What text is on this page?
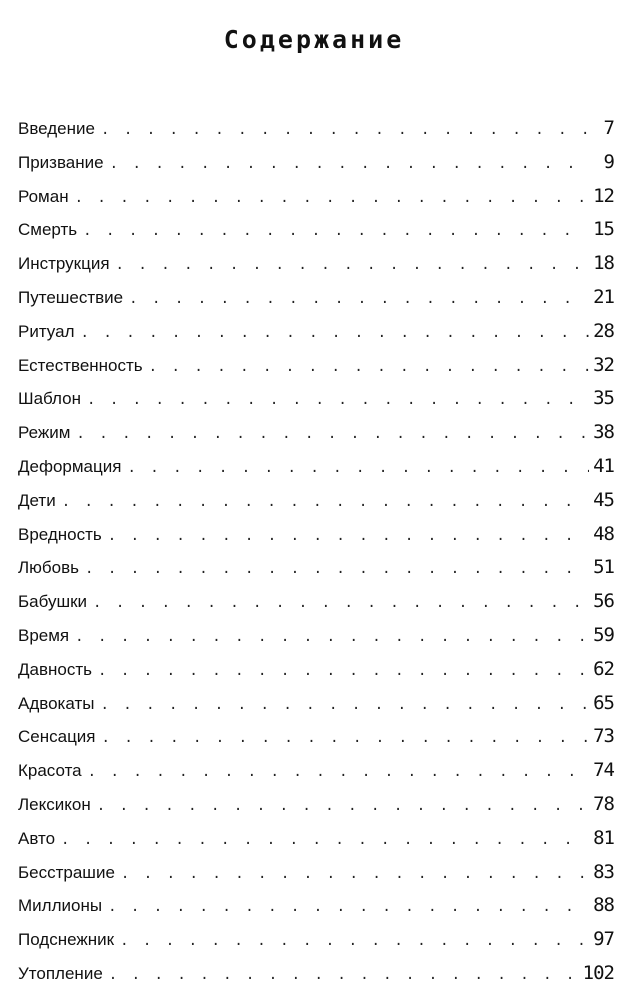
Содержание
Введение . . .	7
Призвание . . .	9
Роман . . .	12
Смерть . . .	15
Инструкция . . .	18
Путешествие . . .	21
Ритуал . . .	28
Естественность . . .	32
Шаблон . . .	35
Режим . . .	38
Деформация . . .	41
Дети . . .	45
Вредность . . .	48
Любовь . . .	51
Бабушки . . .	56
Время . . .	59
Давность . . .	62
Адвокаты . . .	65
Сенсация . . .	73
Красота . . .	74
Лексикон . . .	78
Авто . . .	81
Бесстрашие . . .	83
Миллионы . . .	88
Подснежник . . .	97
Утопление . . .	102
